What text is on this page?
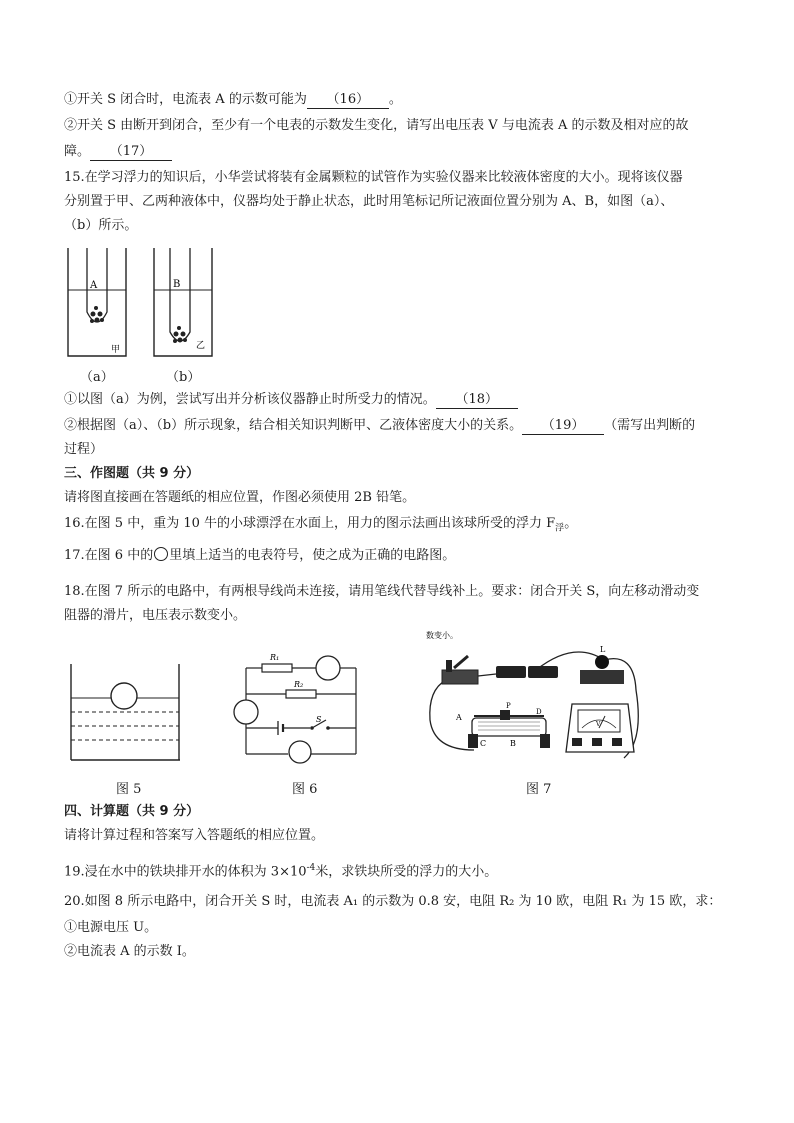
①开关 S 闭合时，电流表 A 的示数可能为 （16） 。
②开关 S 由断开到闭合，至少有一个电表的示数发生变化，请写出电压表 V 与电流表 A 的示数及相对应的故
障。 （17）
15.在学习浮力的知识后，小华尝试将装有金属颗粒的试管作为实验仪器来比较液体密度的大小。现将该仪器
分别置于甲、乙两种液体中，仪器均处于静止状态，此时用笔标记所记液面位置分别为 A、B，如图（a）、
（b）所示。
A
甲
B
乙
（a）	（b）
①以图（a）为例，尝试写出并分析该仪器静止时所受力的情况。 （18）
②根据图（a）、（b）所示现象，结合相关知识判断甲、乙液体密度大小的关系。 （19） （需写出判断的
过程）
三、作图题（共 9 分）
请将图直接画在答题纸的相应位置，作图必须使用 2B 铅笔。
16.在图 5 中，重为 10 牛的小球漂浮在水面上，用力的图示法画出该球所受的浮力 $F_浮$。
17.在图 6 中的 里填上适当的电表符号，使之成为正确的电路图。
18.在图 7 所示的电路中，有两根导线尚未连接，请用笔线代替导线补上。要求：闭合开关 S，向左移动滑动变
阻器的滑片，电压表示数变小。
图 5
R₁
R₂
S
图 6
数变小。
L
A
P
D
C	B
V
图 7
四、计算题（共 9 分）
请将计算过程和答案写入答题纸的相应位置。
19.浸在水中的铁块排开水的体积为 $3\times 10^{-4}$米，求铁块所受的浮力的大小。
20.如图 8 所示电路中，闭合开关 S 时，电流表 A₁ 的示数为 0.8 安，电阻 R₂ 为 10 欧，电阻 R₁ 为 15 欧，求：
①电源电压 U。
②电流表 A 的示数 I。
